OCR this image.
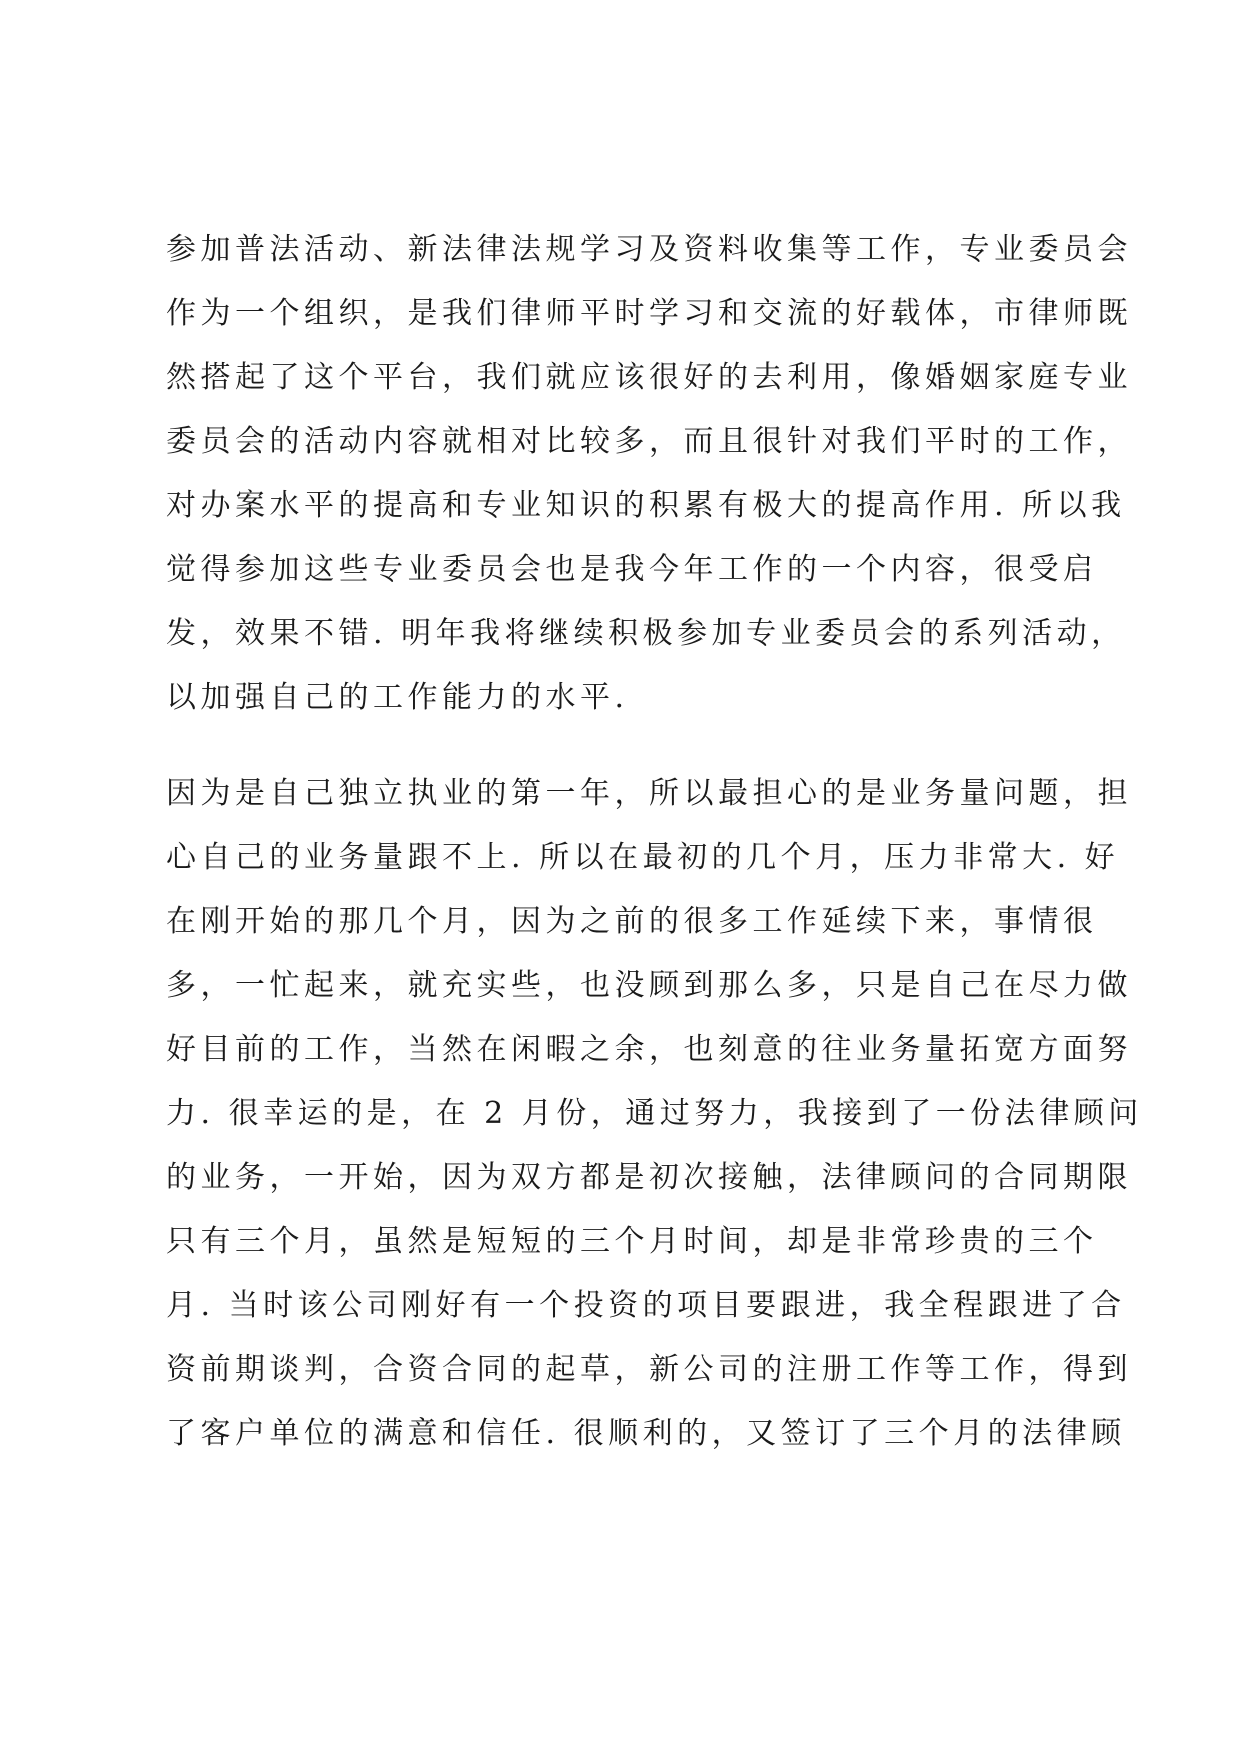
参加普法活动、新法律法规学习及资料收集等工作，专业委员会
作为一个组织，是我们律师平时学习和交流的好载体，市律师既
然搭起了这个平台，我们就应该很好的去利用，像婚姻家庭专业
委员会的活动内容就相对比较多，而且很针对我们平时的工作，
对办案水平的提高和专业知识的积累有极大的提高作用. 所以我
觉得参加这些专业委员会也是我今年工作的一个内容，很受启
发，效果不错. 明年我将继续积极参加专业委员会的系列活动，
以加强自己的工作能力的水平.
因为是自己独立执业的第一年，所以最担心的是业务量问题，担
心自己的业务量跟不上. 所以在最初的几个月，压力非常大. 好
在刚开始的那几个月，因为之前的很多工作延续下来，事情很
多，一忙起来，就充实些，也没顾到那么多，只是自己在尽力做
好目前的工作，当然在闲暇之余，也刻意的往业务量拓宽方面努
力. 很幸运的是，在 2 月份，通过努力，我接到了一份法律顾问
的业务，一开始，因为双方都是初次接触，法律顾问的合同期限
只有三个月，虽然是短短的三个月时间，却是非常珍贵的三个
月. 当时该公司刚好有一个投资的项目要跟进，我全程跟进了合
资前期谈判，合资合同的起草，新公司的注册工作等工作，得到
了客户单位的满意和信任. 很顺利的，又签订了三个月的法律顾
